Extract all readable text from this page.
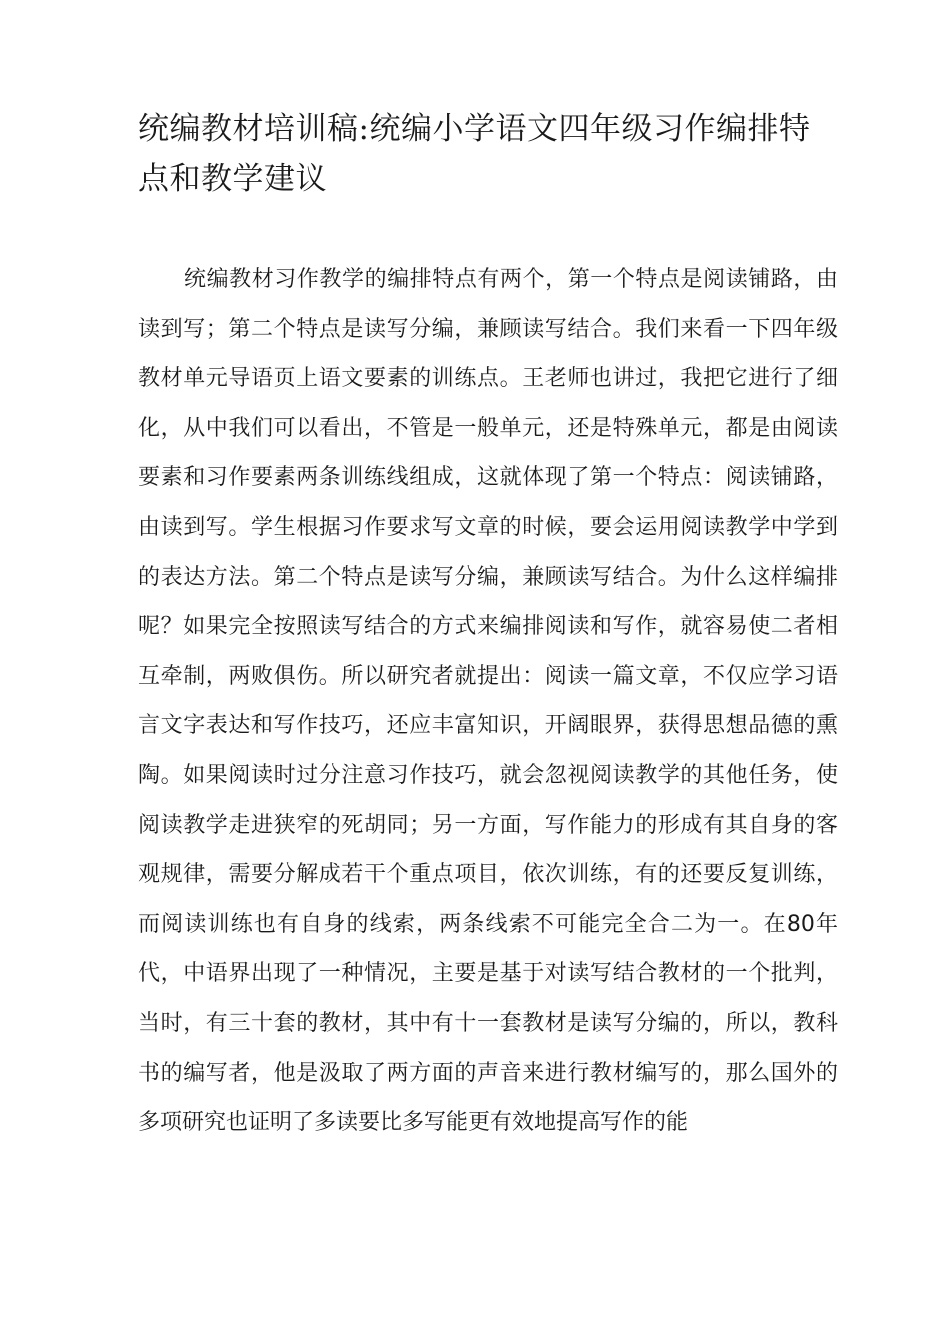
统编教材培训稿:统编小学语文四年级习作编排特点和教学建议

统编教材习作教学的编排特点有两个，第一个特点是阅读铺路，由读到写；第二个特点是读写分编，兼顾读写结合。我们来看一下四年级教材单元导语页上语文要素的训练点。王老师也讲过，我把它进行了细化，从中我们可以看出，不管是一般单元，还是特殊单元，都是由阅读要素和习作要素两条训练线组成，这就体现了第一个特点：阅读铺路，由读到写。学生根据习作要求写文章的时候，要会运用阅读教学中学到的表达方法。第二个特点是读写分编，兼顾读写结合。为什么这样编排呢？如果完全按照读写结合的方式来编排阅读和写作，就容易使二者相互牵制，两败俱伤。所以研究者就提出：阅读一篇文章，不仅应学习语言文字表达和写作技巧，还应丰富知识，开阔眼界，获得思想品德的熏陶。如果阅读时过分注意习作技巧，就会忽视阅读教学的其他任务，使阅读教学走进狭窄的死胡同；另一方面，写作能力的形成有其自身的客观规律，需要分解成若干个重点项目，依次训练，有的还要反复训练，而阅读训练也有自身的线索，两条线索不可能完全合二为一。在80年代，中语界出现了一种情况，主要是基于对读写结合教材的一个批判，当时，有三十套的教材，其中有十一套教材是读写分编的，所以，教科书的编写者，他是汲取了两方面的声音来进行教材编写的，那么国外的多项研究也证明了多读要比多写能更有效地提高写作的能
